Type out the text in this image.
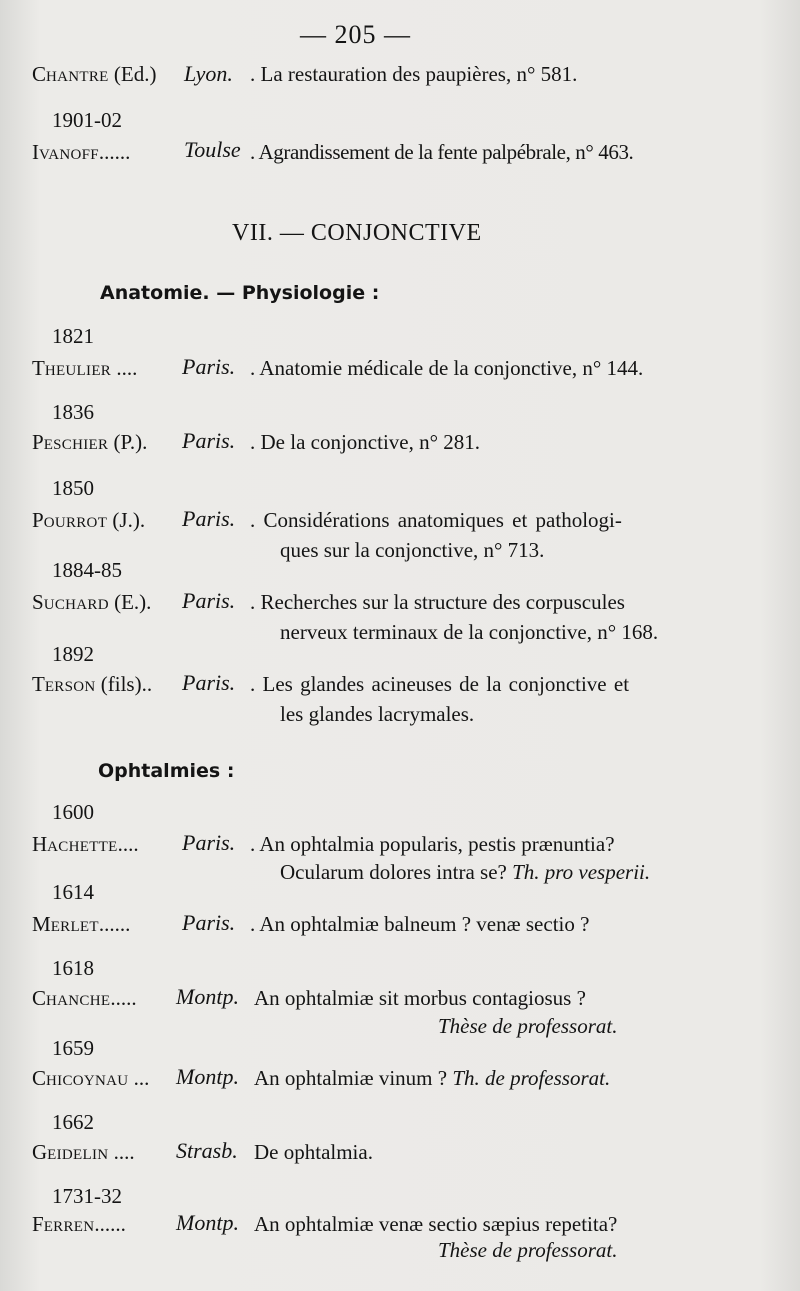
— 205 —
CHANTRE (Ed.) Lyon. . La restauration des paupières, n° 581.
1901-02
IVANOFF...... Toulse . Agrandissement de la fente palpébrale, n° 463.
VII. — CONJONCTIVE
Anatomie. — Physiologie :
1821
THEULIER .... Paris. . Anatomie médicale de la conjonctive, n° 144.
1836
PESCHIER (P.). Paris. . De la conjonctive, n° 281.
1850
POURROT (J.). Paris. . Considérations anatomiques et pathologi-
ques sur la conjonctive, n° 713.
1884-85
SUCHARD (E.). Paris. . Recherches sur la structure des corpuscules
nerveux terminaux de la conjonctive, n° 168.
1892
TERSON (fils).. Paris. . Les glandes acineuses de la conjonctive et
les glandes lacrymales.
Ophtalmies :
1600
HACHETTE.... Paris. . An ophtalmia popularis, pestis prænuntia?
Ocularum dolores intra se? Th. pro vesperii.
1614
MERLET...... Paris. . An ophtalmiæ balneum ? venæ sectio ?
1618
CHANCHE..... Montp. An ophtalmiæ sit morbus contagiosus ?
Thèse de professorat.
1659
CHICOYNAU ... Montp. An ophtalmiæ vinum ? Th. de professorat.
1662
GEIDELIN .... Strasb. De ophtalmia.
1731-32
FERREN...... Montp. An ophtalmiæ venæ sectio sæpius repetita?
Thèse de professorat.
